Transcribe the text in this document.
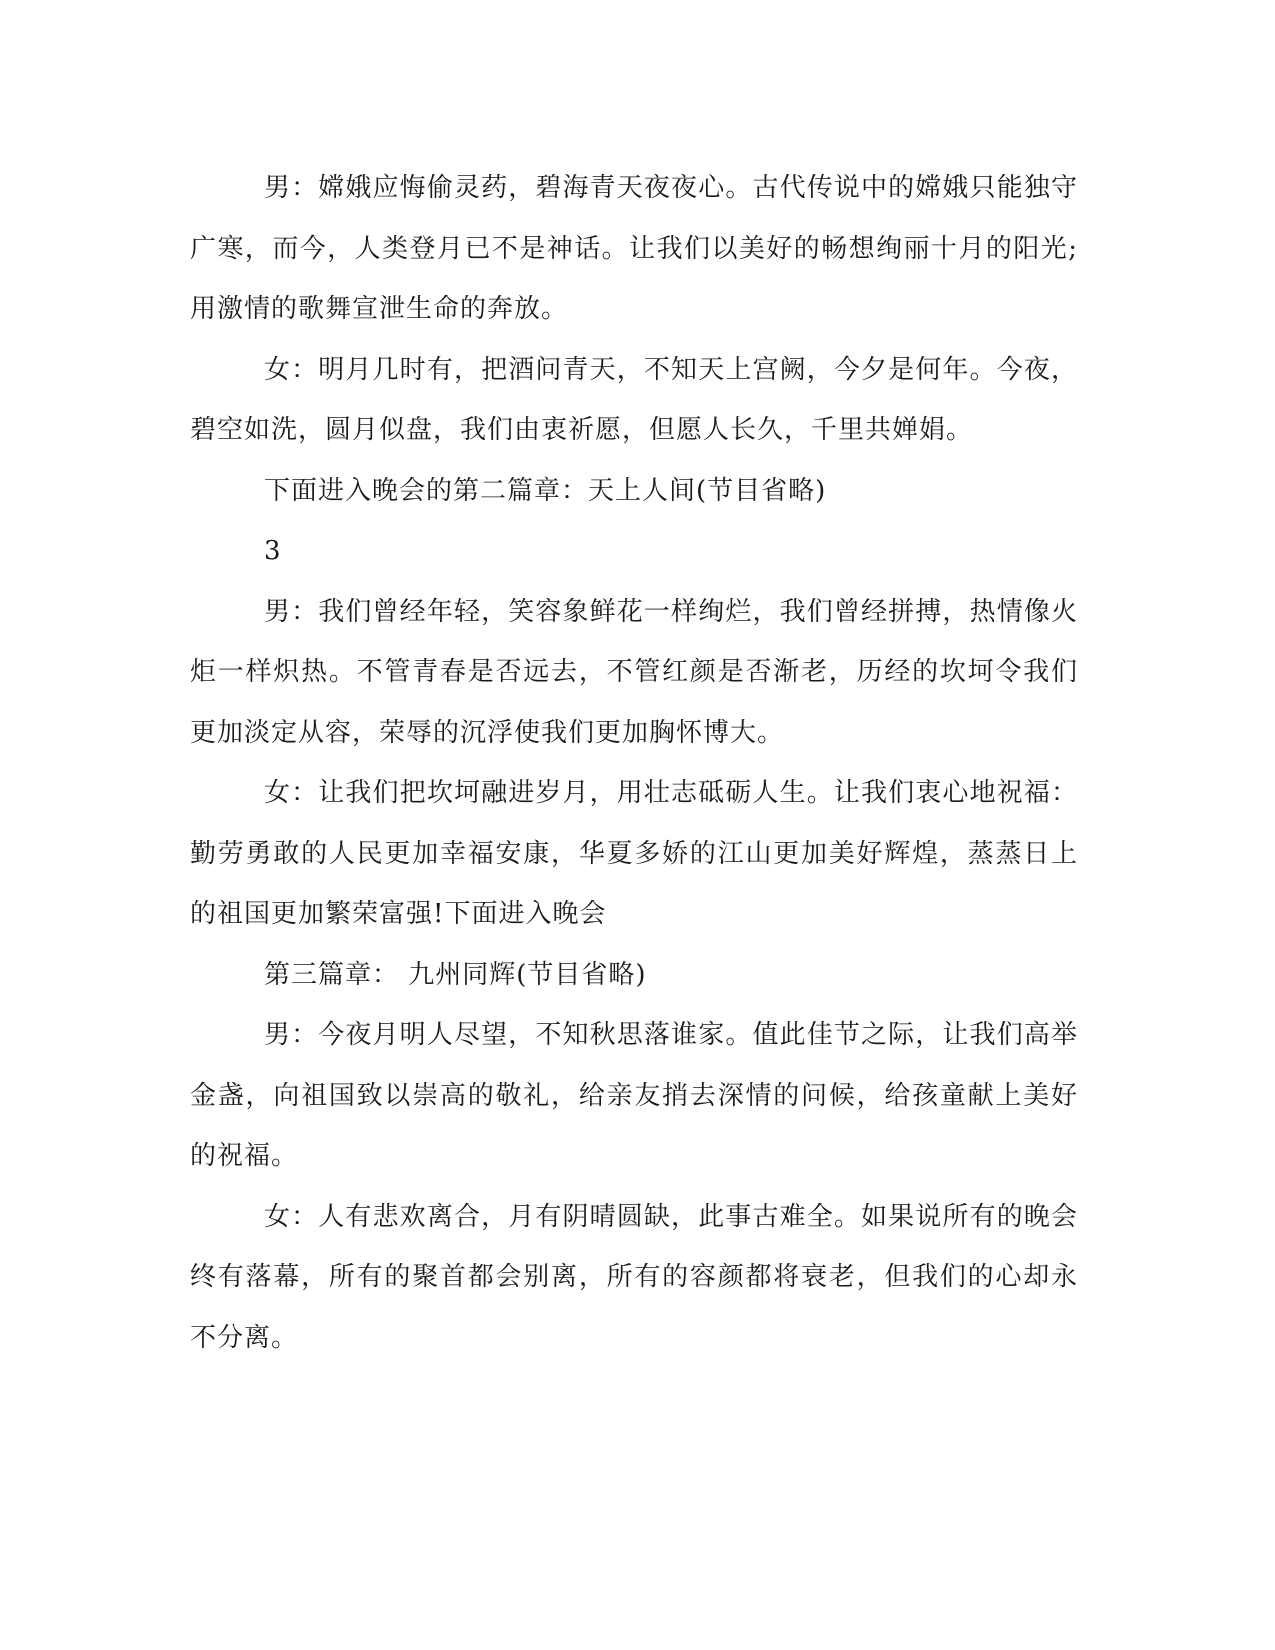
男：嫦娥应悔偷灵药，碧海青天夜夜心。古代传说中的嫦娥只能独守广寒，而今，人类登月已不是神话。让我们以美好的畅想绚丽十月的阳光;用激情的歌舞宣泄生命的奔放。

女：明月几时有，把酒问青天，不知天上宫阙，今夕是何年。今夜，碧空如洗，圆月似盘，我们由衷祈愿，但愿人长久，千里共婵娟。

下面进入晚会的第二篇章：天上人间(节目省略)

3

男：我们曾经年轻，笑容象鲜花一样绚烂，我们曾经拼搏，热情像火炬一样炽热。不管青春是否远去，不管红颜是否渐老，历经的坎坷令我们更加淡定从容，荣辱的沉浮使我们更加胸怀博大。

女：让我们把坎坷融进岁月，用壮志砥砺人生。让我们衷心地祝福：勤劳勇敢的人民更加幸福安康，华夏多娇的江山更加美好辉煌，蒸蒸日上的祖国更加繁荣富强!下面进入晚会

第三篇章： 九州同辉(节目省略)

男：今夜月明人尽望，不知秋思落谁家。值此佳节之际，让我们高举金盏，向祖国致以崇高的敬礼，给亲友捎去深情的问候，给孩童献上美好的祝福。

女：人有悲欢离合，月有阴晴圆缺，此事古难全。如果说所有的晚会终有落幕，所有的聚首都会别离，所有的容颜都将衰老，但我们的心却永不分离。
